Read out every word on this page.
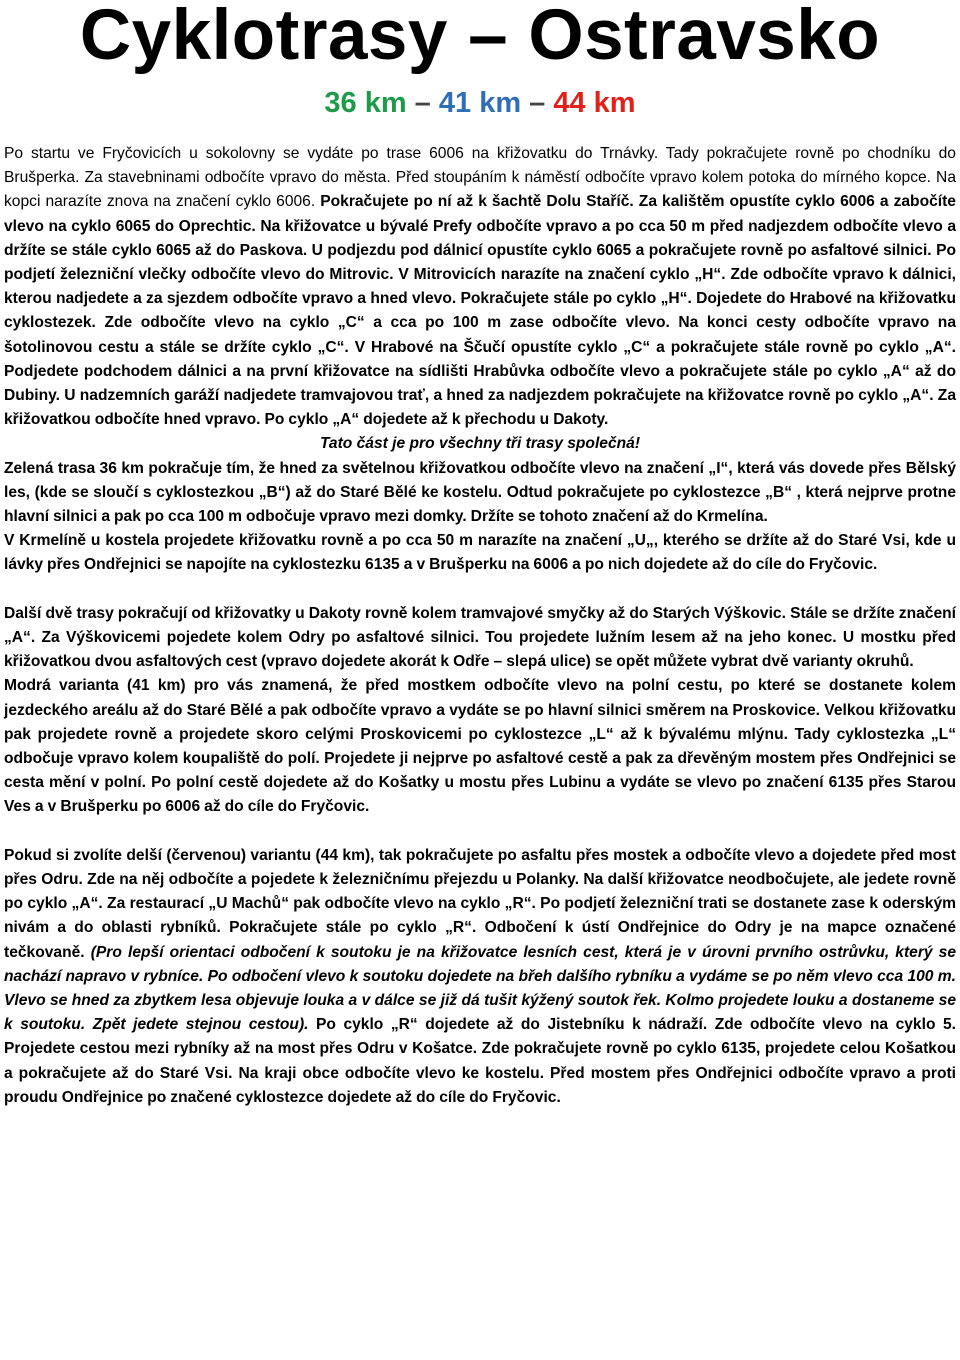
Cyklotrasy – Ostravsko
36 km – 41 km – 44 km

Po startu ve Fryčovicích u sokolovny se vydáte po trase 6006 na křižovatku do Trnávky. Tady pokračujete rovně po chodníku do Brušperka. Za stavebninami odbočíte vpravo do města. Před stoupáním k náměstí odbočíte vpravo kolem potoka do mírného kopce. Na kopci narazíte znova na značení cyklo 6006. Pokračujete po ní až k šachtě Dolu Staříč. Za kalištěm opustíte cyklo 6006 a zabočíte vlevo na cyklo 6065 do Oprechtic. Na křižovatce u bývalé Prefy odbočíte vpravo a po cca 50 m před nadjezdem odbočíte vlevo a držíte se stále cyklo 6065 až do Paskova. U podjezdu pod dálnicí opustíte cyklo 6065 a pokračujete rovně po asfaltové silnici. Po podjetí železniční vlečky odbočíte vlevo do Mitrovic. V Mitrovicích narazíte na značení cyklo „H“. Zde odbočíte vpravo k dálnici, kterou nadjedete a za sjezdem odbočíte vpravo a hned vlevo. Pokračujete stále po cyklo „H“. Dojedete do Hrabové na křižovatku cyklostezek. Zde odbočíte vlevo na cyklo „C“ a cca po 100 m zase odbočíte vlevo. Na konci cesty odbočíte vpravo na šotolinovou cestu a stále se držíte cyklo „C“. V Hrabové na Ščučí opustíte cyklo „C“ a pokračujete stále rovně po cyklo „A“. Podjedete podchodem dálnici a na první křižovatce na sídlišti Hrabůvka odbočíte vlevo a pokračujete stále po cyklo „A“ až do Dubiny. U nadzemních garáží nadjedete tramvajovou trať, a hned za nadjezdem pokračujete na křižovatce rovně po cyklo „A“. Za křižovatkou odbočíte hned vpravo. Po cyklo „A“ dojedete až k přechodu u Dakoty.

Tato část je pro všechny tři trasy společná!

Zelená trasa 36 km pokračuje tím, že hned za světelnou křižovatkou odbočíte vlevo na značení „I“, která vás dovede přes Bělský les, (kde se sloučí s cyklostezkou „B“) až do Staré Bělé ke kostelu. Odtud pokračujete po cyklostezce „B“ , která nejprve protne hlavní silnici a pak po cca 100 m odbočuje vpravo mezi domky. Držíte se tohoto značení až do Krmelína.

V Krmelíně u kostela projedete křižovatku rovně a po cca 50 m narazíte na značení „U„, kterého se držíte až do Staré Vsi, kde u lávky přes Ondřejnici se napojíte na cyklostezku 6135 a v Brušperku na 6006 a po nich dojedete až do cíle do Fryčovic.

Další dvě trasy pokračují od křižovatky u Dakoty rovně kolem tramvajové smyčky až do Starých Výškovic. Stále se držíte značení „A“. Za Výškovicemi pojedete kolem Odry po asfaltové silnici. Tou projedete lužním lesem až na jeho konec. U mostku před křižovatkou dvou asfaltových cest (vpravo dojedete akorát k Odře – slepá ulice) se opět můžete vybrat dvě varianty okruhů.

Modrá varianta (41 km) pro vás znamená, že před mostkem odbočíte vlevo na polní cestu, po které se dostanete kolem jezdeckého areálu až do Staré Bělé a pak odbočíte vpravo a vydáte se po hlavní silnici směrem na Proskovice. Velkou křižovatku pak projedete rovně a projedete skoro celými Proskovicemi po cyklostezce „L“ až k bývalému mlýnu. Tady cyklostezka „L“ odbočuje vpravo kolem koupaliště do polí. Projedete ji nejprve po asfaltové cestě a pak za dřevěným mostem přes Ondřejnici se cesta mění v polní. Po polní cestě dojedete až do Košatky u mostu přes Lubinu a vydáte se vlevo po značení 6135 přes Starou Ves a v Brušperku po 6006 až do cíle do Fryčovic.

Pokud si zvolíte delší (červenou) variantu (44 km), tak pokračujete po asfaltu přes mostek a odbočíte vlevo a dojedete před most přes Odru. Zde na něj odbočíte a pojedete k železničnímu přejezdu u Polanky. Na další křižovatce neodbočujete, ale jedete rovně po cyklo „A“. Za restaurací „U Machů“ pak odbočíte vlevo na cyklo „R“. Po podjetí železniční trati se dostanete zase k oderským nivám a do oblasti rybníků. Pokračujete stále po cyklo „R“. Odbočení k ústí Ondřejnice do Odry je na mapce označené tečkovaně. (Pro lepší orientaci odbočení k soutoku je na křižovatce lesních cest, která je v úrovni prvního ostrůvku, který se nachází napravo v rybníce. Po odbočení vlevo k soutoku dojedete na břeh dalšího rybníku a vydáme se po něm vlevo cca 100 m. Vlevo se hned za zbytkem lesa objevuje louka a v dálce se již dá tušit kýžený soutok řek. Kolmo projedete louku a dostaneme se k soutoku. Zpět jedete stejnou cestou). Po cyklo „R“ dojedete až do Jistebníku k nádraží. Zde odbočíte vlevo na cyklo 5. Projedete cestou mezi rybníky až na most přes Odru v Košatce. Zde pokračujete rovně po cyklo 6135, projedete celou Košatkou a pokračujete až do Staré Vsi. Na kraji obce odbočíte vlevo ke kostelu. Před mostem přes Ondřejnici odbočíte vpravo a proti proudu Ondřejnice po značené cyklostezce dojedete až do cíle do Fryčovic.
